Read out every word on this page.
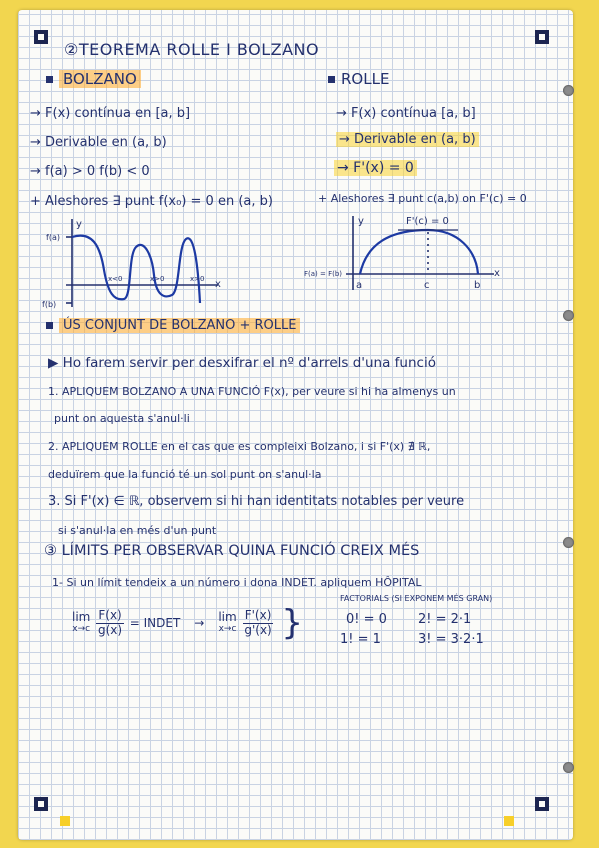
②TEOREMA ROLLE I BOLZANO
BOLZANO
→ F(x) contínua en [a, b]
→ Derivable en (a, b)
→ f(a) > 0 f(b) < 0
+ Aleshores ∃ punt f(x₀) = 0 en (a, b)
ROLLE
→ F(x) contínua [a, b]
→ Derivable en (a, b)
→ F'(x) = 0
+ Aleshores ∃ punt c(a,b) on F'(c) = 0
y
x
f(a)
f(b)
x<0	x>0	x>0
y
x
F'(c) = 0
F(a) = F(b)
a	c	b
ÚS CONJUNT DE BOLZANO + ROLLE
▶ Ho farem servir per desxifrar el nº d'arrels d'una funció
1. APLIQUEM BOLZANO A UNA FUNCIÓ F(x), per veure si hi ha almenys un
punt on aquesta s'anul·li
2. APLIQUEM ROLLE en el cas que es compleixi Bolzano, i si F'(x) ∄ ℝ,
deduïrem que la funció té un sol punt on s'anul·la
3. Si F'(x) ∈ ℝ, observem si hi han identitats notables per veure
si s'anul·la en més d'un punt
③ LÍMITS PER OBSERVAR QUINA FUNCIÓ CREIX MÉS
1- Si un límit tendeix a un número i dona INDET. apliquem HÔPITAL
lim
$x\to c \frac{F(x)}{g(x)}$ = INDET → lim
$x\to c \frac{F'(x)}{g'(x)}$ }
FACTORIALS (SI EXPONEM MÉS GRAN)
0! = 0 2! = 2·1
1! = 1	3! = 3·2·1
